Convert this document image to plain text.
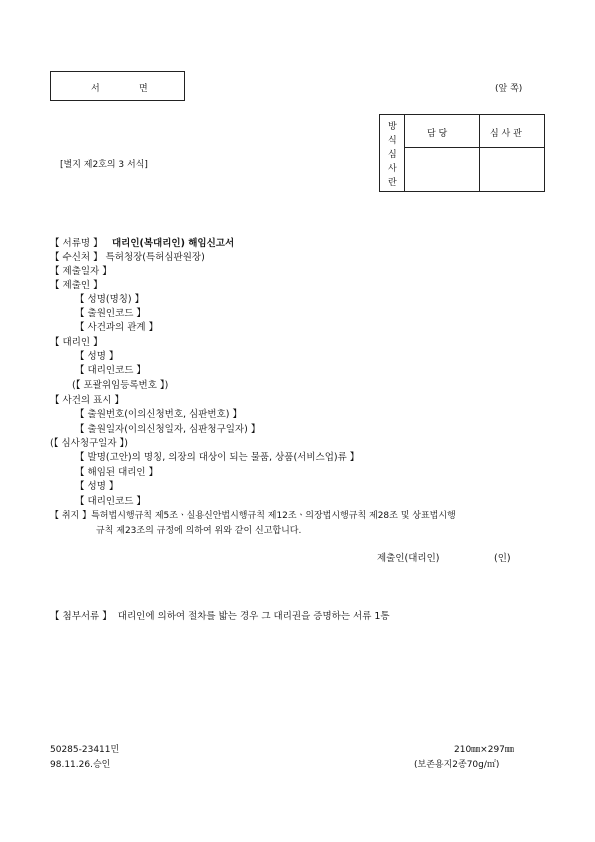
서	면	(앞 쪽)
[별지 제2호의 3 서식]
방
식
심
사
란
담 당	심 사 관
【 서류명 】 대리인(복대리인) 해임신고서
【 수신처 】 특허청장(특허심판원장)
【 제출일자 】
【 제출인 】
【 성명(명칭) 】
【 출원인코드 】
【 사건과의 관계 】
【 대리인 】
【 성명 】
【 대리인코드 】
(【 포괄위임등록번호 】)
【 사건의 표시 】
【 출원번호(이의신청번호, 심판번호) 】
【 출원일자(이의신청일자, 심판청구일자) 】
(【 심사청구일자 】)
【 발명(고안)의 명칭, 의장의 대상이 되는 물품, 상품(서비스업)류 】
【 해임된 대리인 】
【 성명 】
【 대리인코드 】
【 취지 】특허법시행규칙 제5조ㆍ실용신안법시행규칙 제12조ㆍ의장법시행규칙 제28조 및 상표법시행
규칙 제23조의 규정에 의하여 위와 같이 신고합니다.
제출인(대리인)	(인)
【 첨부서류 】  대리인에 의하여 절차를 밟는 경우 그 대리권을 증명하는 서류 1통
50285-23411민
98.11.26.승인
210㎜×297㎜
(보존용지2종70g/㎡)
